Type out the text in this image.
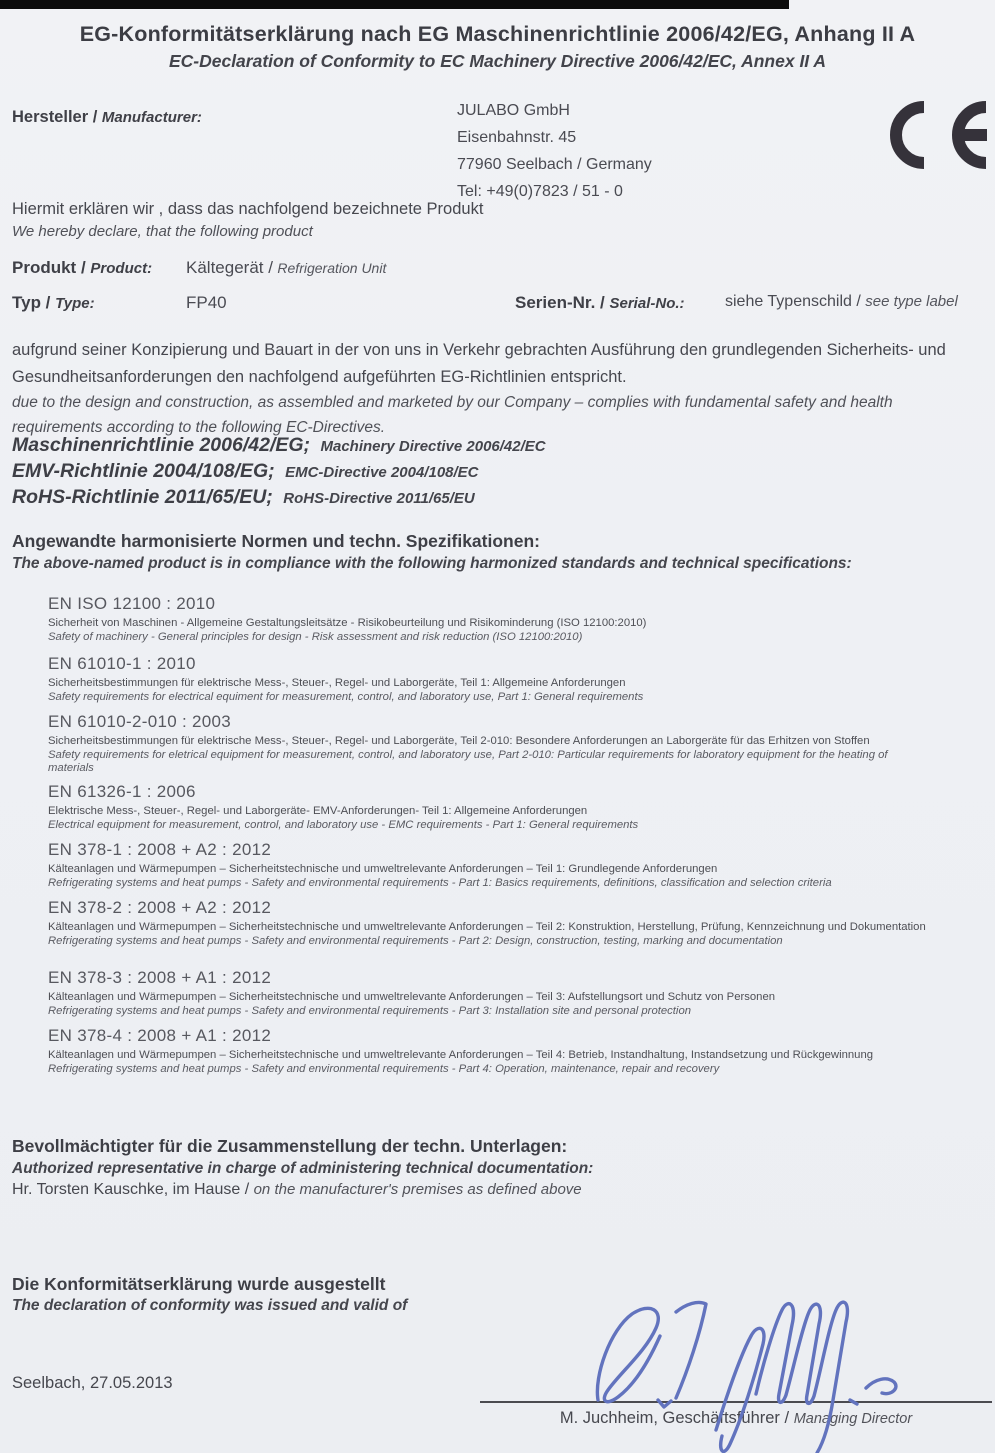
EG-Konformitätserklärung nach EG Maschinenrichtlinie 2006/42/EG, Anhang II A
EC-Declaration of Conformity to EC Machinery Directive 2006/42/EC, Annex II A
Hersteller / Manufacturer:	JULABO GmbH
Eisenbahnstr. 45
77960 Seelbach / Germany
Tel: +49(0)7823 / 51 - 0
Hiermit erklären wir , dass das nachfolgend bezeichnete Produkt
We hereby declare, that the following product
Produkt / Product: Kältegerät / Refrigeration Unit
Typ / Type:	FP40	Serien-Nr. / Serial-No.:	siehe Typenschild / see type label
aufgrund seiner Konzipierung und Bauart in der von uns in Verkehr gebrachten Ausführung den grundlegenden Sicherheits- und Gesundheitsanforderungen den nachfolgend aufgeführten EG-Richtlinien entspricht.
due to the design and construction, as assembled and marketed by our Company – complies with fundamental safety and health requirements according to the following EC-Directives.
Maschinenrichtlinie 2006/42/EG; Machinery Directive 2006/42/EC
EMV-Richtlinie 2004/108/EG; EMC-Directive 2004/108/EC
RoHS-Richtlinie 2011/65/EU; RoHS-Directive 2011/65/EU
Angewandte harmonisierte Normen und techn. Spezifikationen:
The above-named product is in compliance with the following harmonized standards and technical specifications:
EN ISO 12100 : 2010
Sicherheit von Maschinen - Allgemeine Gestaltungsleitsätze - Risikobeurteilung und Risikominderung (ISO 12100:2010)
Safety of machinery - General principles for design - Risk assessment and risk reduction (ISO 12100:2010)
EN 61010-1 : 2010
Sicherheitsbestimmungen für elektrische Mess-, Steuer-, Regel- und Laborgeräte, Teil 1: Allgemeine Anforderungen
Safety requirements for electrical equiment for measurement, control, and laboratory use, Part 1: General requirements
EN 61010-2-010 : 2003
Sicherheitsbestimmungen für elektrische Mess-, Steuer-, Regel- und Laborgeräte, Teil 2-010: Besondere Anforderungen an Laborgeräte für das Erhitzen von Stoffen
Safety requirements for eletrical equipment for measurement, control, and laboratory use, Part 2-010: Particular requirements for laboratory equipment for the heating of materials
EN 61326-1 : 2006
Elektrische Mess-, Steuer-, Regel- und Laborgeräte- EMV-Anforderungen- Teil 1: Allgemeine Anforderungen
Electrical equipment for measurement, control, and laboratory use - EMC requirements - Part 1: General requirements
EN 378-1 : 2008 + A2 : 2012
Kälteanlagen und Wärmepumpen – Sicherheitstechnische und umweltrelevante Anforderungen – Teil 1: Grundlegende Anforderungen
Refrigerating systems and heat pumps - Safety and environmental requirements - Part 1: Basics requirements, definitions, classification and selection criteria
EN 378-2 : 2008 + A2 : 2012
Kälteanlagen und Wärmepumpen – Sicherheitstechnische und umweltrelevante Anforderungen – Teil 2: Konstruktion, Herstellung, Prüfung, Kennzeichnung und Dokumentation
Refrigerating systems and heat pumps - Safety and environmental requirements - Part 2: Design, construction, testing, marking and documentation
EN 378-3 : 2008 + A1 : 2012
Kälteanlagen und Wärmepumpen – Sicherheitstechnische und umweltrelevante Anforderungen – Teil 3: Aufstellungsort und Schutz von Personen
Refrigerating systems and heat pumps - Safety and environmental requirements - Part 3: Installation site and personal protection
EN 378-4 : 2008 + A1 : 2012
Kälteanlagen und Wärmepumpen – Sicherheitstechnische und umweltrelevante Anforderungen – Teil 4: Betrieb, Instandhaltung, Instandsetzung und Rückgewinnung
Refrigerating systems and heat pumps - Safety and environmental requirements - Part 4: Operation, maintenance, repair and recovery
Bevollmächtigter für die Zusammenstellung der techn. Unterlagen:
Authorized representative in charge of administering technical documentation:
Hr. Torsten Kauschke, im Hause / on the manufacturer's premises as defined above
Die Konformitätserklärung wurde ausgestellt
The declaration of conformity was issued and valid of
Seelbach, 27.05.2013
M. Juchheim, Geschäftsführer / Managing Director
